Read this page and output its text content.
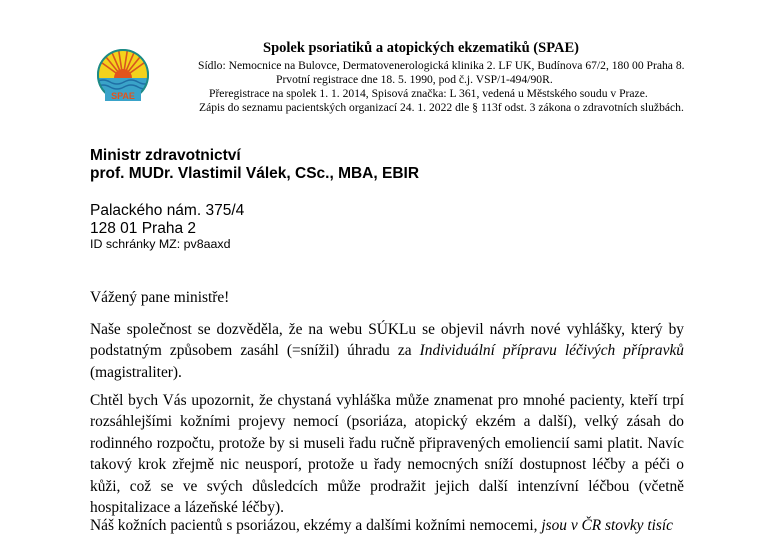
SPAE
Spolek psoriatiků a atopických ekzematiků (SPAE)
Sídlo: Nemocnice na Bulovce, Dermatovenerologická klinika 2. LF UK, Budínova 67/2, 180 00 Praha 8.
Prvotní registrace dne 18. 5. 1990, pod č.j. VSP/1-494/90R.
Přeregistrace na spolek 1. 1. 2014, Spisová značka: L 361, vedená u Městského soudu v Praze.
Zápis do seznamu pacientských organizací 24. 1. 2022 dle § 113f odst. 3 zákona o zdravotních službách.
Ministr zdravotnictví
prof. MUDr. Vlastimil Válek, CSc., MBA, EBIR
Palackého nám. 375/4
128 01 Praha 2
ID schránky MZ: pv8aaxd
Vážený pane ministře!
Naše společnost se dozvěděla, že na webu SÚKLu se objevil návrh nové vyhlášky, který by
podstatným způsobem zasáhl (=snížil) úhradu za Individuální přípravu léčivých přípravků
(magistraliter).
Chtěl bych Vás upozornit, že chystaná vyhláška může znamenat pro mnohé pacienty, kteří trpí
rozsáhlejšími kožními projevy nemocí (psoriáza, atopický ekzém a další), velký zásah do
rodinného rozpočtu, protože by si museli řadu ručně připravených emoliencií sami platit. Navíc
takový krok zřejmě nic neusporí, protože u řady nemocných sníží dostupnost léčby a péči o
kůži, což se ve svých důsledcích může prodražit jejich další intenzívní léčbou (včetně
hospitalizace a lázeňské léčby).
Náš kožních pacientů s psoriázou, ekzémy a dalšími kožními nemocemi, jsou v ČR stovky tisíc
